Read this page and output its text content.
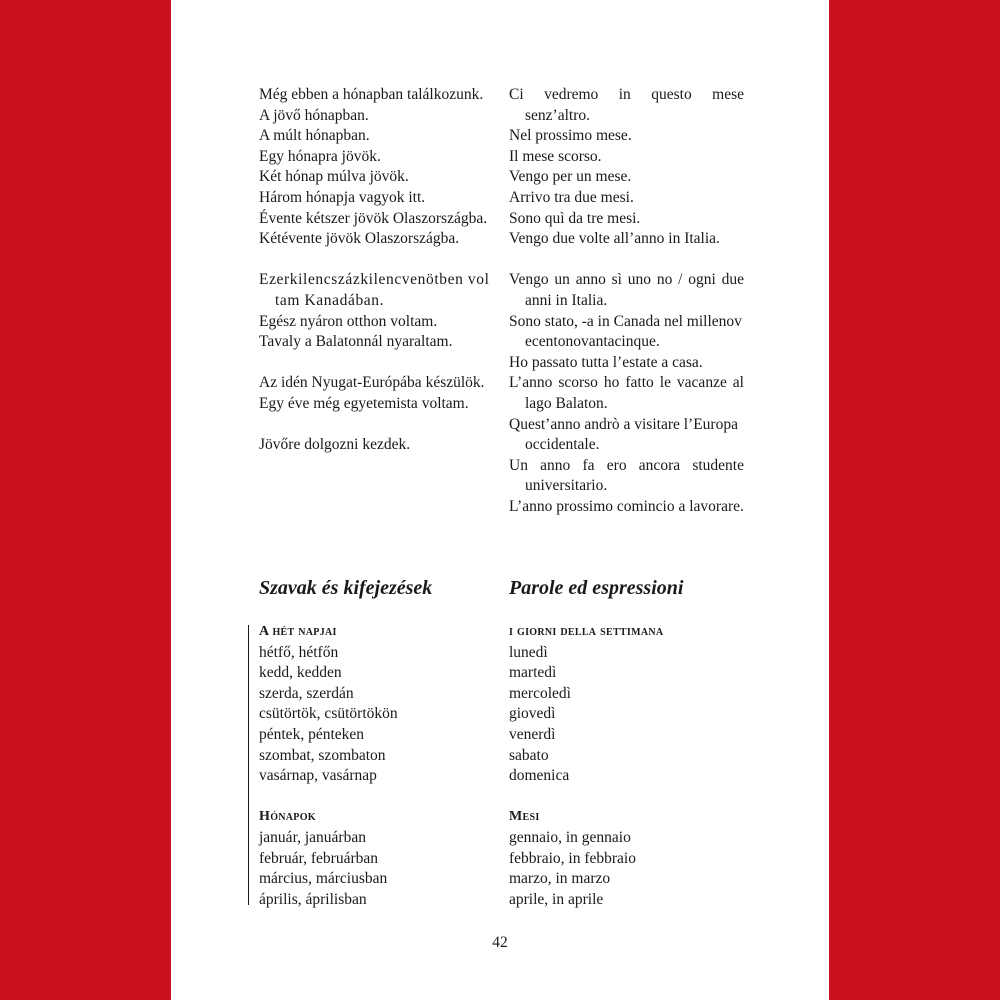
Még ebben a hónapban találkozunk.
A jövő hónapban.
A múlt hónapban.
Egy hónapra jövök.
Két hónap múlva jövök.
Három hónapja vagyok itt.
Évente kétszer jövök Olaszországba.
Kétévente jövök Olaszországba.
Ezerkilencszázkilencvenötben voltam Kanadában.
Egész nyáron otthon voltam.
Tavaly a Balatonnál nyaraltam.
Az idén Nyugat-Európába készülök.
Egy éve még egyetemista voltam.
Jövőre dolgozni kezdek.
Ci vedremo in questo mese senz’altro.
Nel prossimo mese.
Il mese scorso.
Vengo per un mese.
Arrivo tra due mesi.
Sono quì da tre mesi.
Vengo due volte all’anno in Italia.
Vengo un anno sì uno no / ogni due anni in Italia.
Sono stato, -a in Canada nel millenovecentonovantacinque.
Ho passato tutta l’estate a casa.
L’anno scorso ho fatto le vacanze al lago Balaton.
Quest’anno andrò a visitare l’Europa occidentale.
Un anno fa ero ancora studente universitario.
L’anno prossimo comincio a lavorare.
Szavak és kifejezések	Parole ed espressioni
A hét napjai
hétfő, hétfőn
kedd, kedden
szerda, szerdán
csütörtök, csütörtökön
péntek, pénteken
szombat, szombaton
vasárnap, vasárnap
Hónapok
január, januárban
február, februárban
március, márciusban
április, áprilisban
i giorni della settimana
lunedì
martedì
mercoledì
giovedì
venerdì
sabato
domenica
Mesi
gennaio, in gennaio
febbraio, in febbraio
marzo, in marzo
aprile, in aprile
42
